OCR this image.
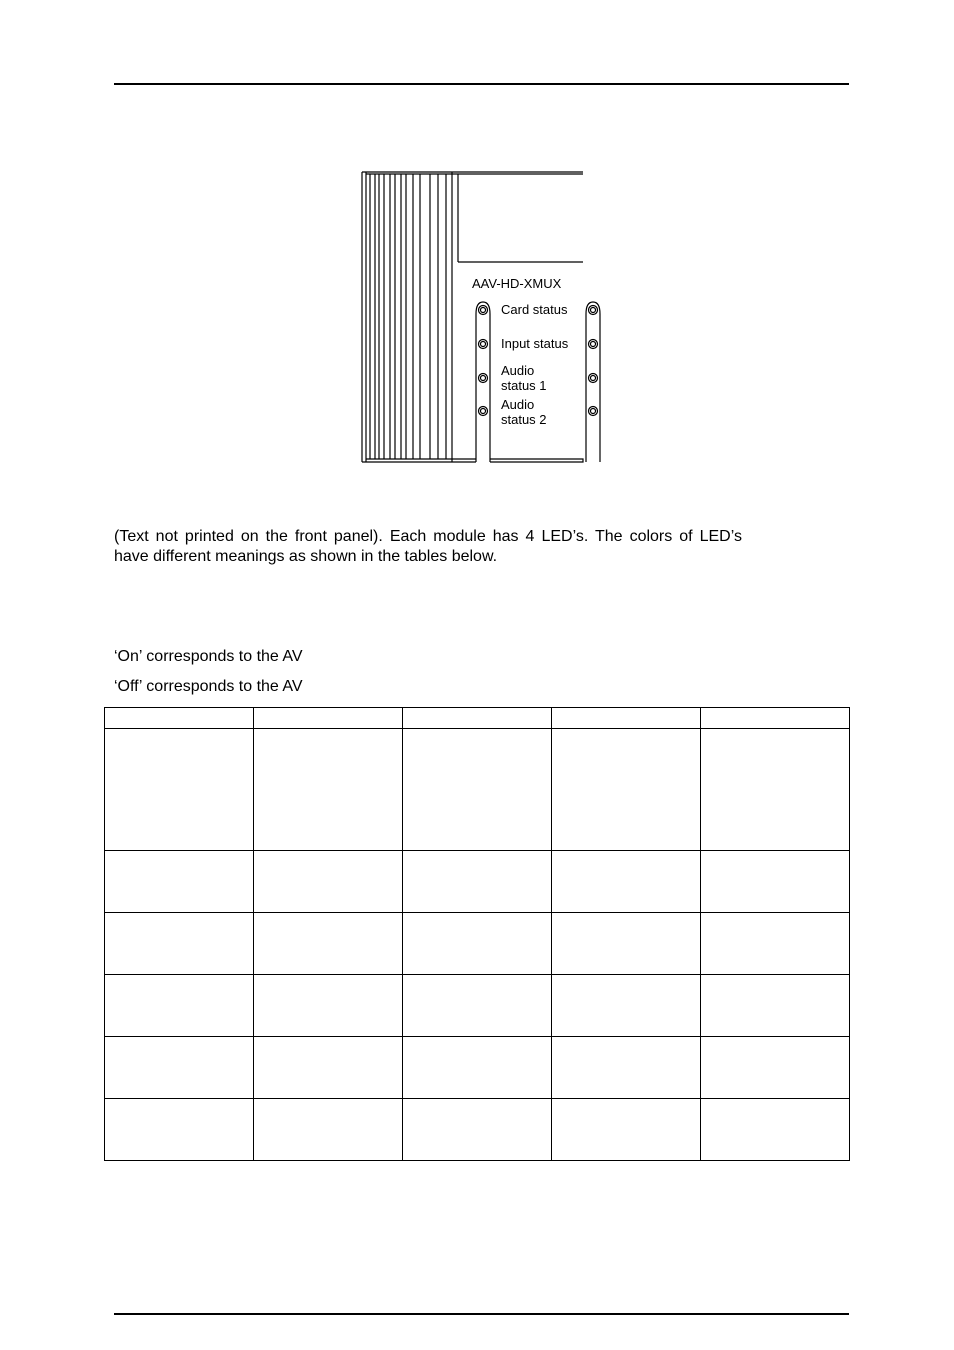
AAV-HD-XMUX
Card status
Input status
Audio
status 1
Audio
status 2

(Text not printed on the front panel). Each module has 4 LED’s. The colors of LED’s have different meanings as shown in the tables below.

‘On’ corresponds to the AV
‘Off’ corresponds to the AV
